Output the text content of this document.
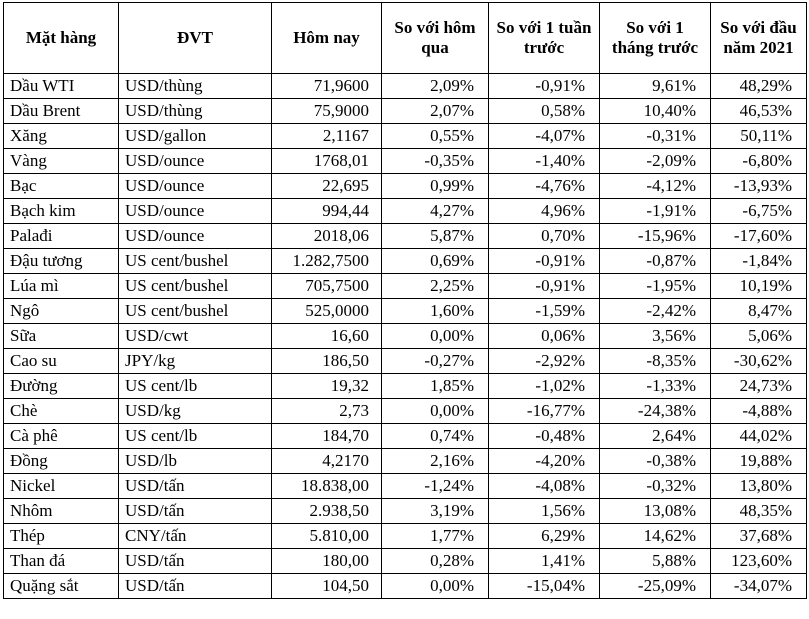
Mặt hàng	ĐVT	Hôm nay	So với hôm qua	So với 1 tuần trước	So với 1 tháng trước	So với đầu năm 2021
Dầu WTI	USD/thùng	71,9600	2,09%	-0,91%	9,61%	48,29%
Dầu Brent	USD/thùng	75,9000	2,07%	0,58%	10,40%	46,53%
Xăng	USD/gallon	2,1167	0,55%	-4,07%	-0,31%	50,11%
Vàng	USD/ounce	1768,01	-0,35%	-1,40%	-2,09%	-6,80%
Bạc	USD/ounce	22,695	0,99%	-4,76%	-4,12%	-13,93%
Bạch kim	USD/ounce	994,44	4,27%	4,96%	-1,91%	-6,75%
Palađi	USD/ounce	2018,06	5,87%	0,70%	-15,96%	-17,60%
Đậu tương	US cent/bushel	1.282,7500	0,69%	-0,91%	-0,87%	-1,84%
Lúa mì	US cent/bushel	705,7500	2,25%	-0,91%	-1,95%	10,19%
Ngô	US cent/bushel	525,0000	1,60%	-1,59%	-2,42%	8,47%
Sữa	USD/cwt	16,60	0,00%	0,06%	3,56%	5,06%
Cao su	JPY/kg	186,50	-0,27%	-2,92%	-8,35%	-30,62%
Đường	US cent/lb	19,32	1,85%	-1,02%	-1,33%	24,73%
Chè	USD/kg	2,73	0,00%	-16,77%	-24,38%	-4,88%
Cà phê	US cent/lb	184,70	0,74%	-0,48%	2,64%	44,02%
Đồng	USD/lb	4,2170	2,16%	-4,20%	-0,38%	19,88%
Nickel	USD/tấn	18.838,00	-1,24%	-4,08%	-0,32%	13,80%
Nhôm	USD/tấn	2.938,50	3,19%	1,56%	13,08%	48,35%
Thép	CNY/tấn	5.810,00	1,77%	6,29%	14,62%	37,68%
Than đá	USD/tấn	180,00	0,28%	1,41%	5,88%	123,60%
Quặng sắt	USD/tấn	104,50	0,00%	-15,04%	-25,09%	-34,07%
